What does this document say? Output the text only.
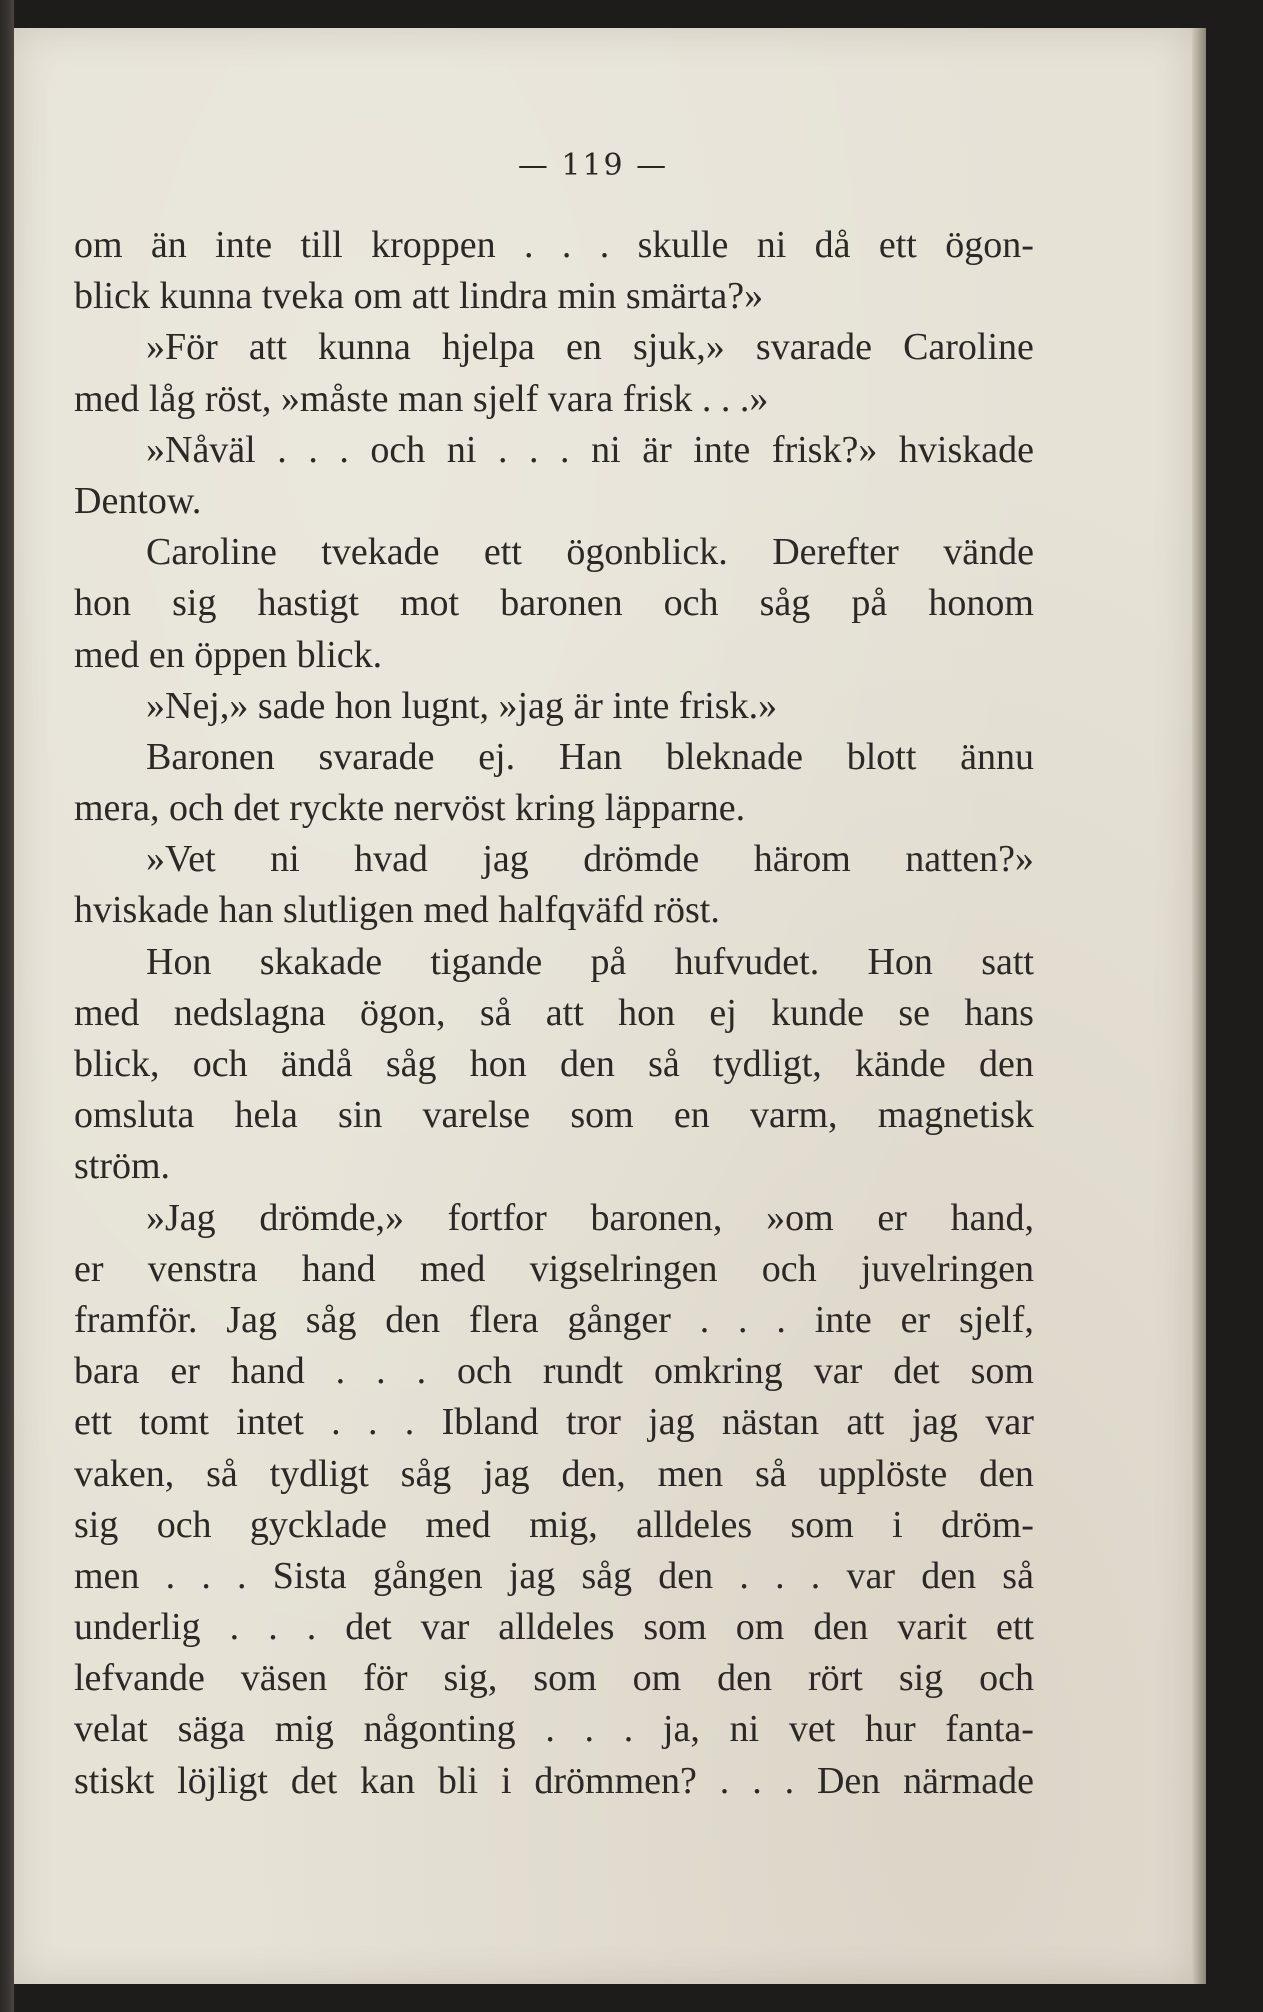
— 119 —
om än inte till kroppen . . . skulle ni då ett ögon-
blick kunna tveka om att lindra min smärta?»
»För att kunna hjelpa en sjuk,» svarade Caroline
med låg röst, »måste man sjelf vara frisk . . .»
»Nåväl . . . och ni . . . ni är inte frisk?» hviskade
Dentow.
Caroline tvekade ett ögonblick. Derefter vände
hon sig hastigt mot baronen och såg på honom
med en öppen blick.
»Nej,» sade hon lugnt, »jag är inte frisk.»
Baronen svarade ej. Han bleknade blott ännu
mera, och det ryckte nervöst kring läpparne.
»Vet ni hvad jag drömde härom natten?»
hviskade han slutligen med halfqväfd röst.
Hon skakade tigande på hufvudet. Hon satt
med nedslagna ögon, så att hon ej kunde se hans
blick, och ändå såg hon den så tydligt, kände den
omsluta hela sin varelse som en varm, magnetisk
ström.
»Jag drömde,» fortfor baronen, »om er hand,
er venstra hand med vigselringen och juvelringen
framför. Jag såg den flera gånger . . . inte er sjelf,
bara er hand . . . och rundt omkring var det som
ett tomt intet . . . Ibland tror jag nästan att jag var
vaken, så tydligt såg jag den, men så upplöste den
sig och gycklade med mig, alldeles som i dröm-
men . . . Sista gången jag såg den . . . var den så
underlig . . . det var alldeles som om den varit ett
lefvande väsen för sig, som om den rört sig och
velat säga mig någonting . . . ja, ni vet hur fanta-
stiskt löjligt det kan bli i drömmen? . . . Den närmade
